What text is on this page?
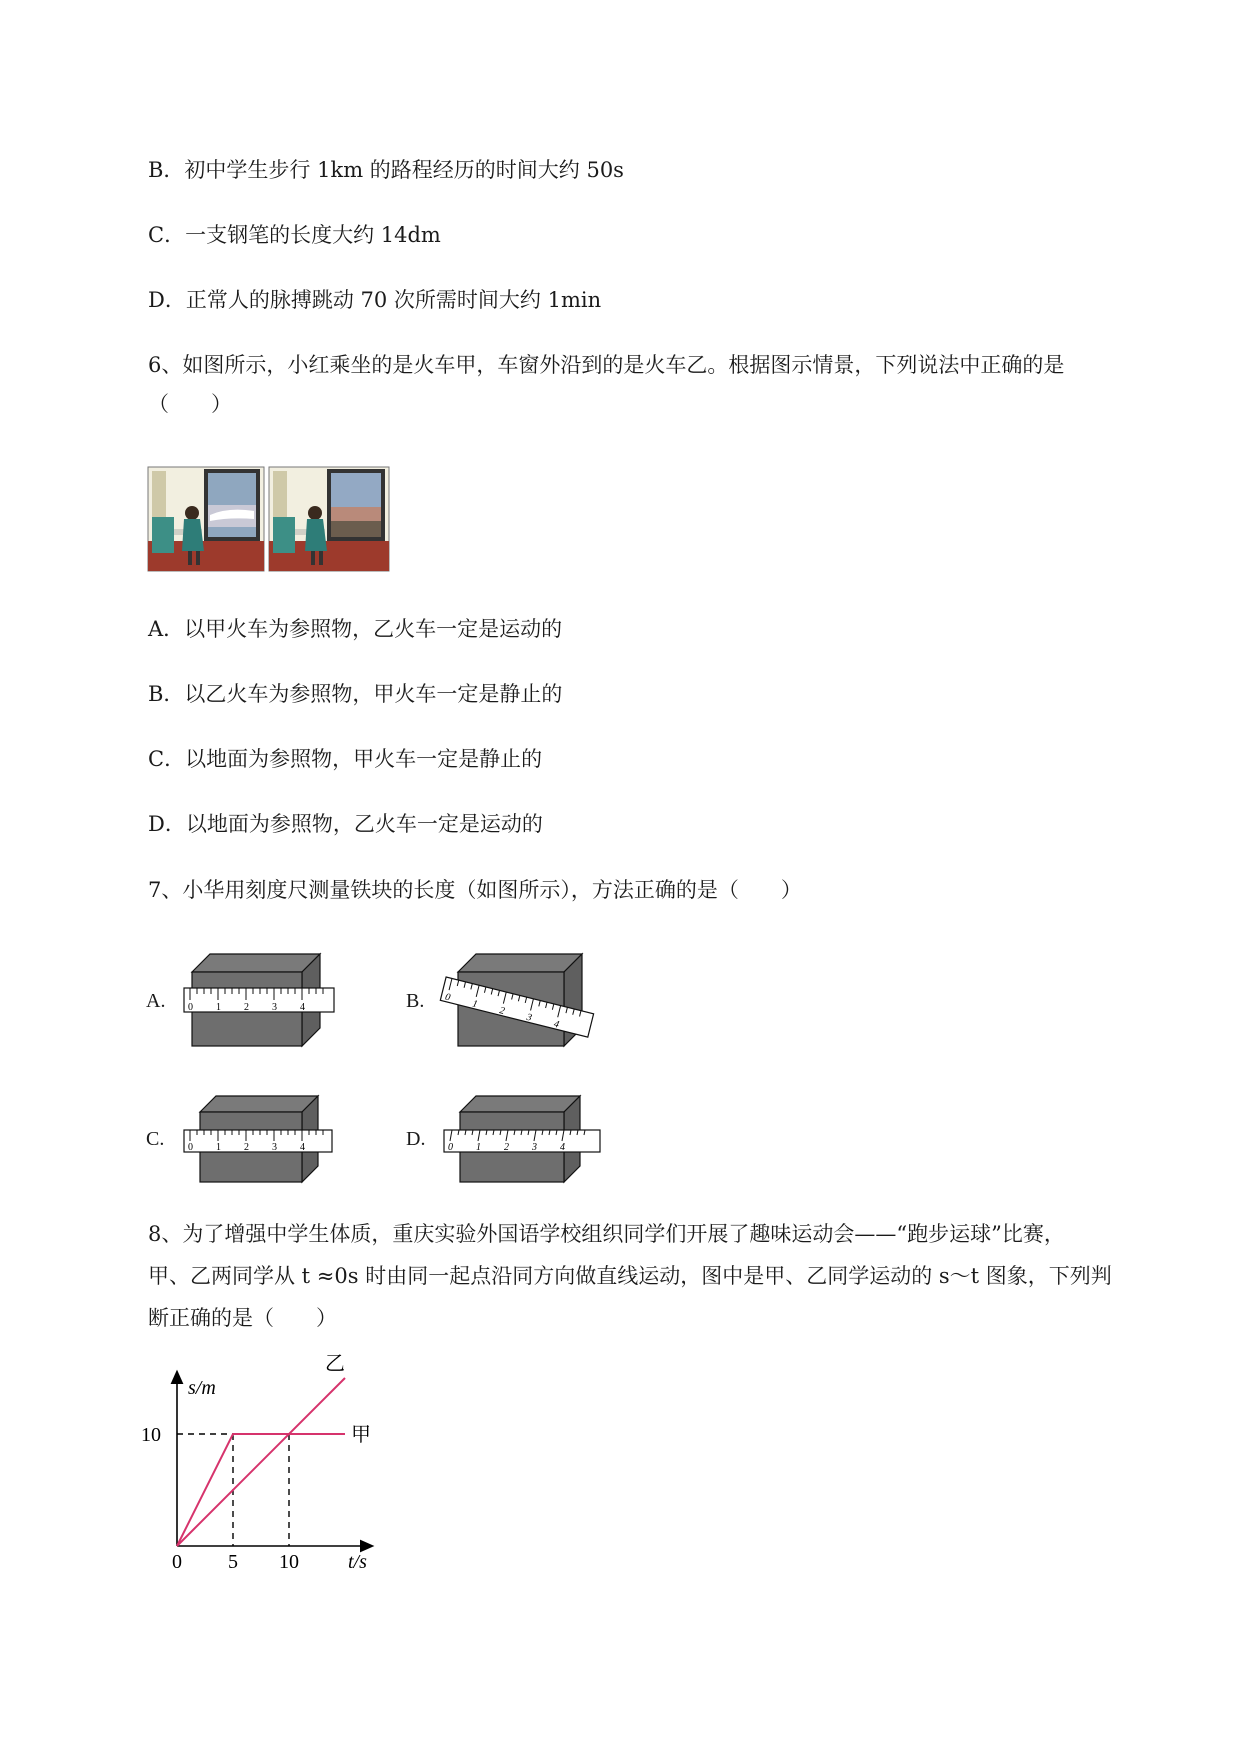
B．初中学生步行 1km 的路程经历的时间大约 50s
C．一支钢笔的长度大约 14dm
D．正常人的脉搏跳动 70 次所需时间大约 1min
6、如图所示，小红乘坐的是火车甲，车窗外沿到的是火车乙。根据图示情景，下列说法中正确的是
（　　）
A．以甲火车为参照物，乙火车一定是运动的
B．以乙火车为参照物，甲火车一定是静止的
C．以地面为参照物，甲火车一定是静止的
D．以地面为参照物，乙火车一定是运动的
7、小华用刻度尺测量铁块的长度（如图所示），方法正确的是（　　）
A. 0 1 2 3 4	B. 0
1
2
3
4
C. 0 1 2 3 4	D. 0 1 2 3 4
8、为了增强中学生体质，重庆实验外国语学校组织同学们开展了趣味运动会——“跑步运球”比赛，
甲、乙两同学从 t ≈0s 时由同一起点沿同方向做直线运动，图中是甲、乙同学运动的 s～t 图象，下列判
断正确的是（　　）
s/m
t/s
甲
乙
0 5 10
10
